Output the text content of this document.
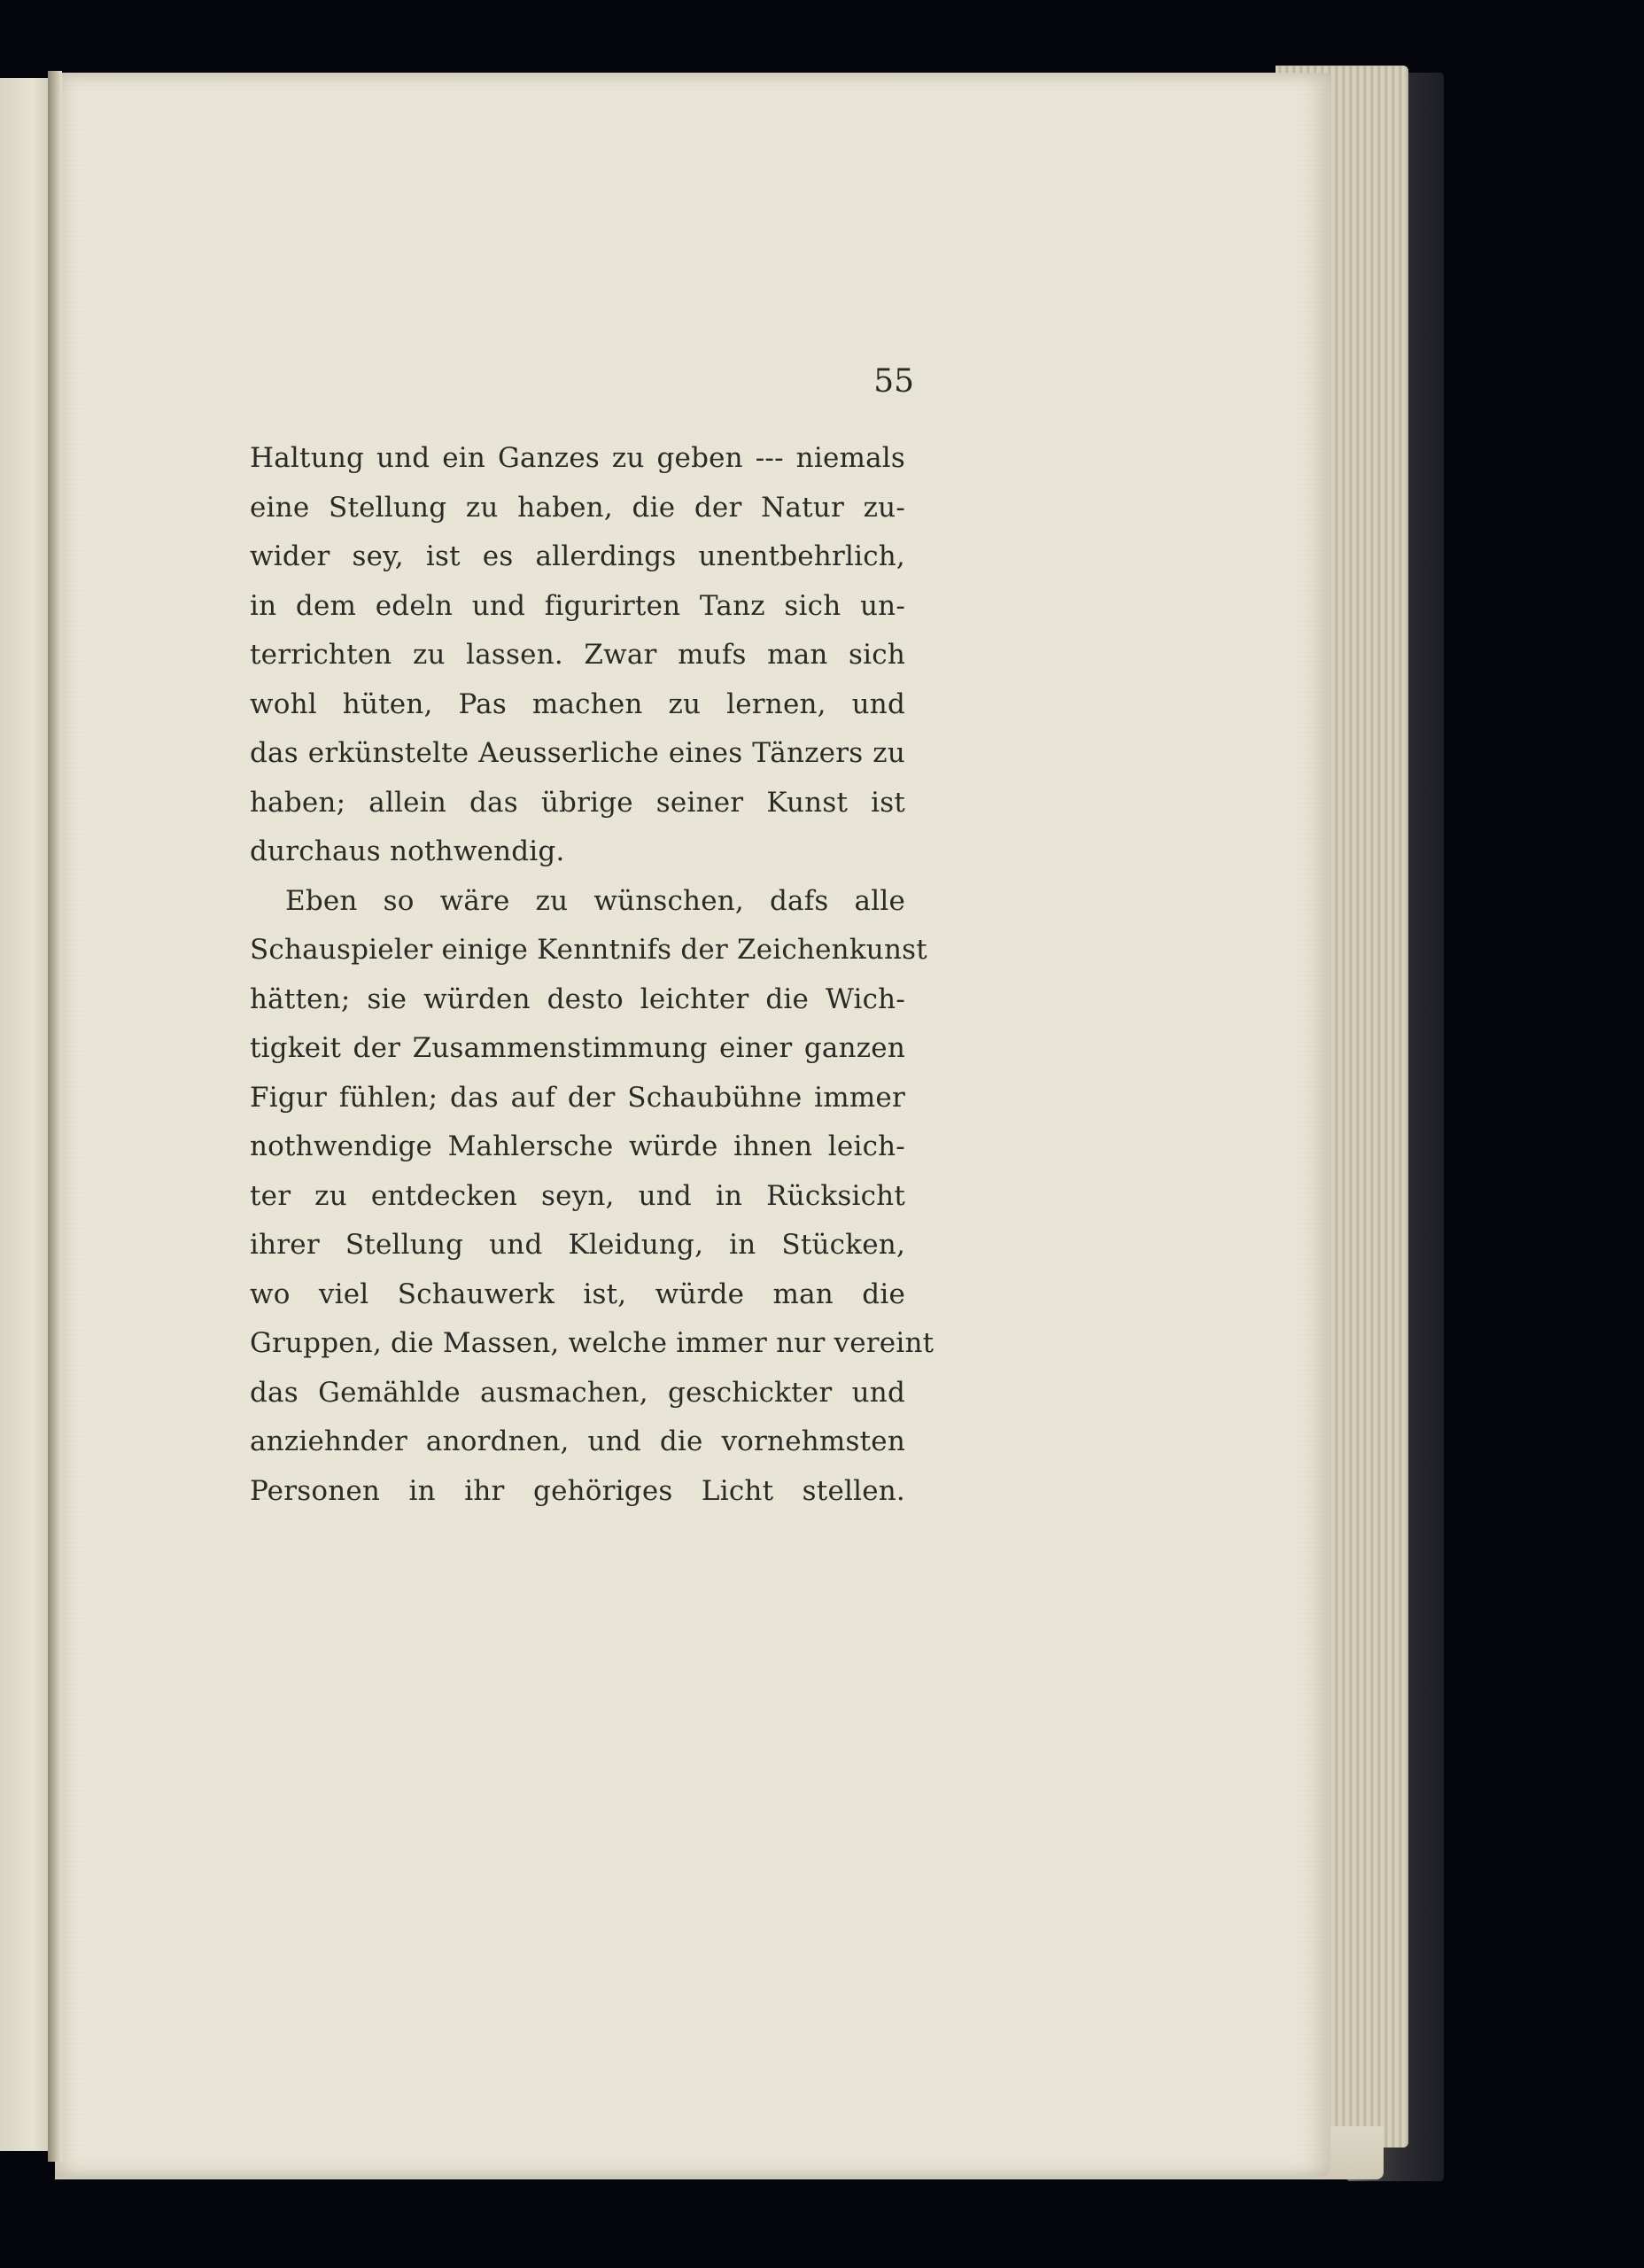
55
Haltung und ein Ganzes zu geben --- niemals
eine Stellung zu haben, die der Natur zu-
wider sey, ist es allerdings unentbehrlich,
in dem edeln und figurirten Tanz sich un-
terrichten zu lassen. Zwar mufs man sich
wohl hüten, Pas machen zu lernen, und
das erkünstelte Aeusserliche eines Tänzers zu
haben; allein das übrige seiner Kunst ist
durchaus nothwendig.
Eben so wäre zu wünschen, dafs alle
Schauspieler einige Kenntnifs der Zeichenkunst
hätten; sie würden desto leichter die Wich-
tigkeit der Zusammenstimmung einer ganzen
Figur fühlen; das auf der Schaubühne immer
nothwendige Mahlersche würde ihnen leich-
ter zu entdecken seyn, und in Rücksicht
ihrer Stellung und Kleidung, in Stücken,
wo viel Schauwerk ist, würde man die
Gruppen, die Massen, welche immer nur vereint
das Gemählde ausmachen, geschickter und
anziehnder anordnen, und die vornehmsten
Personen in ihr gehöriges Licht stellen.
